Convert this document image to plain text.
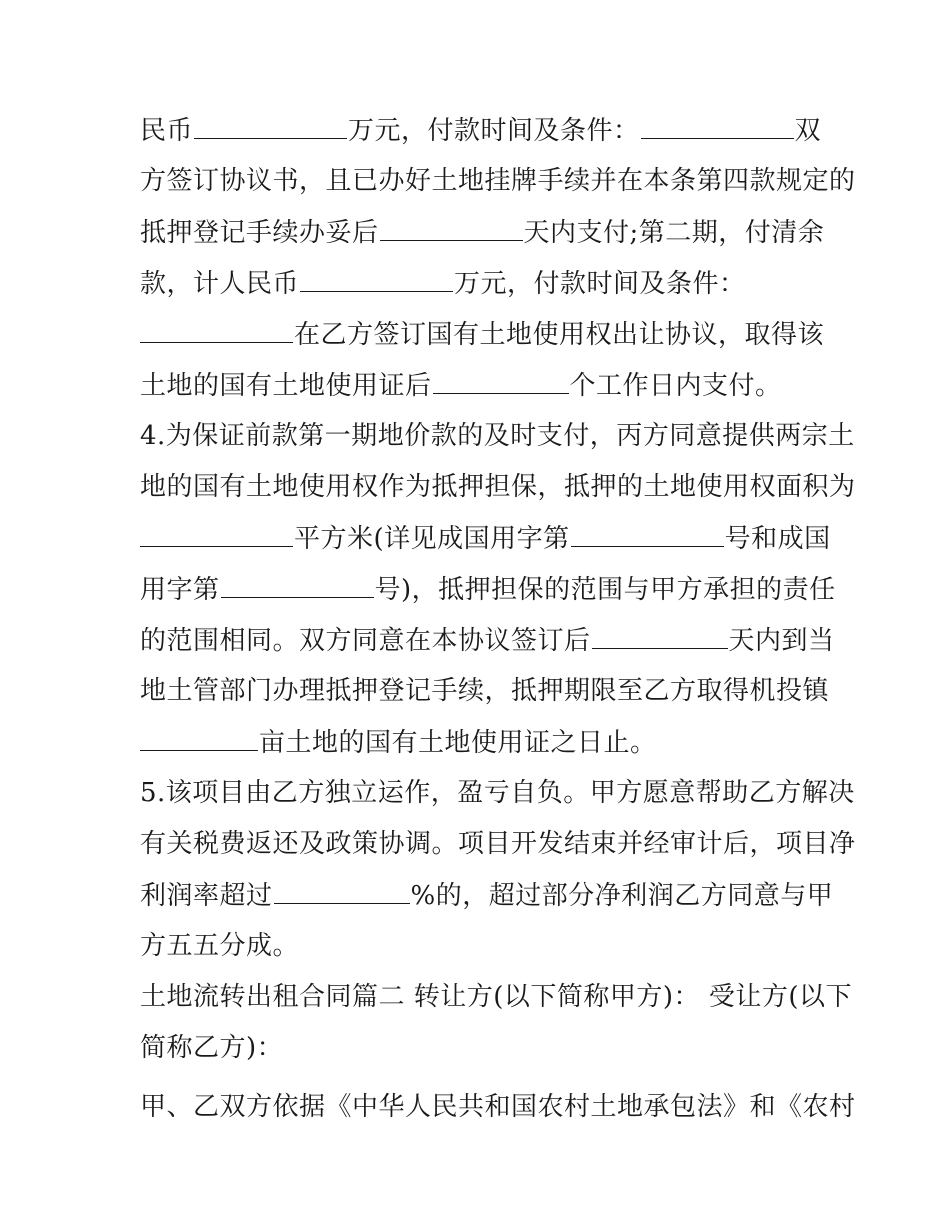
民币	万元，付款时间及条件：	双
方签订协议书，且已办好土地挂牌手续并在本条第四款规定的
抵押登记手续办妥后	天内支付;第二期，付清余
款，计人民币	万元，付款时间及条件：
在乙方签订国有土地使用权出让协议，取得该
土地的国有土地使用证后	个工作日内支付。
4.为保证前款第一期地价款的及时支付，丙方同意提供两宗土
地的国有土地使用权作为抵押担保，抵押的土地使用权面积为
平方米(详见成国用字第	号和成国
用字第	号)，抵押担保的范围与甲方承担的责任
的范围相同。双方同意在本协议签订后	天内到当
地土管部门办理抵押登记手续，抵押期限至乙方取得机投镇
亩土地的国有土地使用证之日止。
5.该项目由乙方独立运作，盈亏自负。甲方愿意帮助乙方解决
有关税费返还及政策协调。项目开发结束并经审计后，项目净
利润率超过	%的，超过部分净利润乙方同意与甲
方五五分成。
土地流转出租合同篇二 转让方(以下简称甲方)： 受让方(以下
简称乙方)：
甲、乙双方依据《中华人民共和国农村土地承包法》和《农村
